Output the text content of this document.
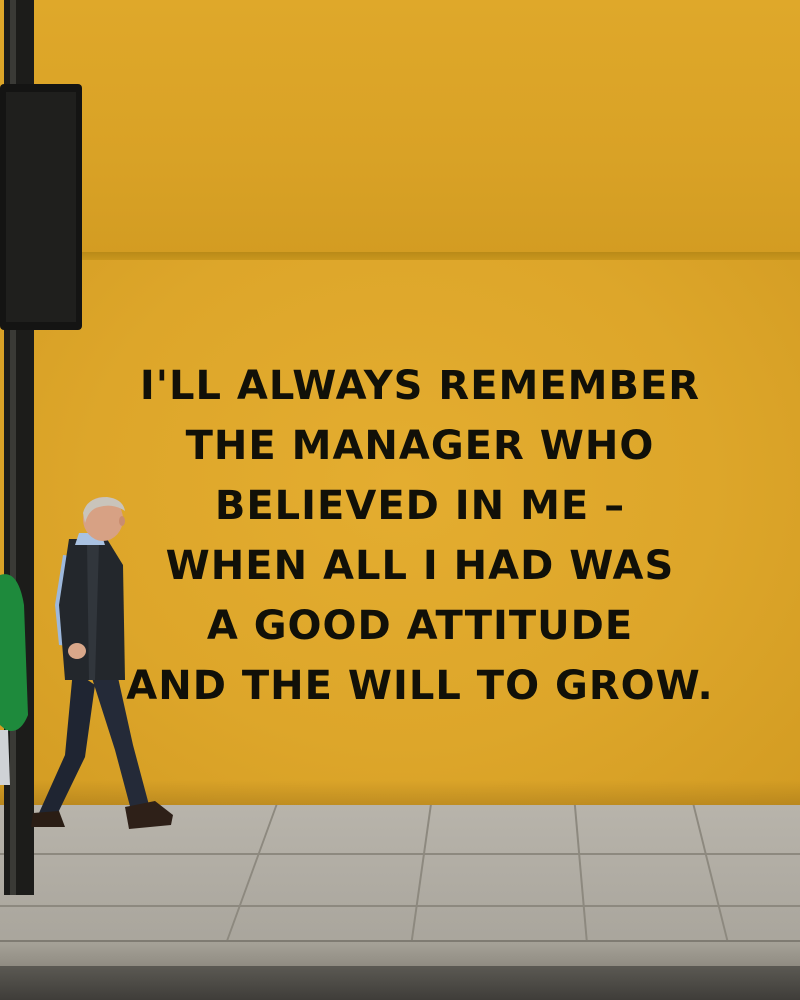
I'LL ALWAYS REMEMBER
THE MANAGER WHO
BELIEVED IN ME –
WHEN ALL I HAD WAS
A GOOD ATTITUDE
AND THE WILL TO GROW.
